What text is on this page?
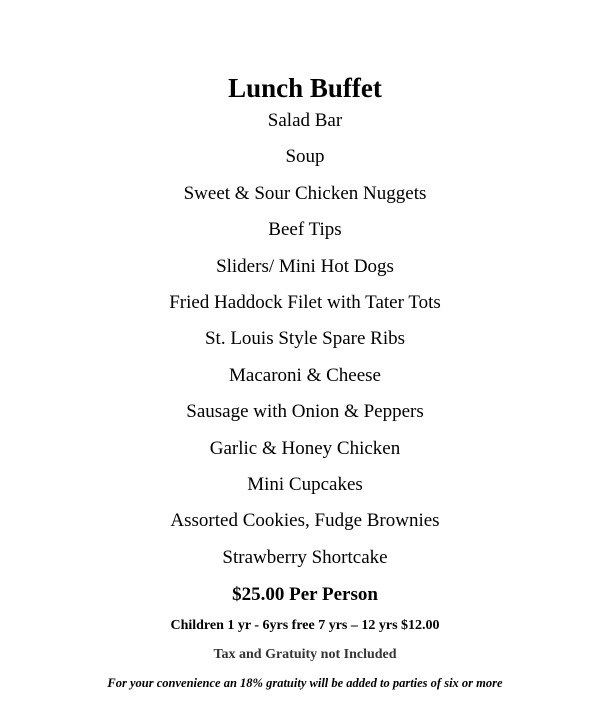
Lunch Buffet
Salad Bar
Soup
Sweet & Sour Chicken Nuggets
Beef Tips
Sliders/ Mini Hot Dogs
Fried Haddock Filet with Tater Tots
St. Louis Style Spare Ribs
Macaroni & Cheese
Sausage with Onion & Peppers
Garlic & Honey Chicken
Mini Cupcakes
Assorted Cookies, Fudge Brownies
Strawberry Shortcake
$25.00 Per Person
Children 1 yr - 6yrs free 7 yrs – 12 yrs $12.00
Tax and Gratuity not Included
For your convenience an 18% gratuity will be added to parties of six or more
